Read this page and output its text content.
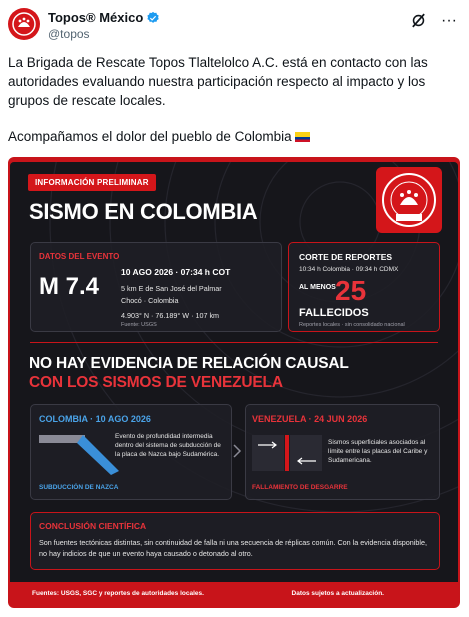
Topos® México
@topos
···

La Brigada de Rescate Topos Tlaltelolco A.C. está en contacto con las autoridades evaluando nuestra participación respecto al impacto y los grupos de rescate locales.

Acompañamos el dolor del pueblo de Colombia

INFORMACIÓN PRELIMINAR
SISMO EN COLOMBIA
DATOS DEL EVENTO
M 7.4
10 AGO 2026 · 07:34 h COT
5 km E de San José del Palmar
Chocó · Colombia
4.903° N · 76.189° W · 107 km
Fuente: USGS
CORTE DE REPORTES
10:34 h Colombia · 09:34 h CDMX
AL MENOS 25
FALLECIDOS
Reportes locales · sin consolidado nacional
NO HAY EVIDENCIA DE RELACIÓN CAUSAL
CON LOS SISMOS DE VENEZUELA
COLOMBIA · 10 AGO 2026
Evento de profundidad intermedia dentro del sistema de subducción de la placa de Nazca bajo Sudamérica.
SUBDUCCIÓN DE NAZCA
VENEZUELA · 24 JUN 2026
Sismos superficiales asociados al límite entre las placas del Caribe y Sudamericana.
FALLAMIENTO DE DESGARRE
CONCLUSIÓN CIENTÍFICA
Son fuentes tectónicas distintas, sin continuidad de falla ni una secuencia de réplicas común. Con la evidencia disponible, no hay indicios de que un evento haya causado o detonado al otro.
Fuentes: USGS, SGC y reportes de autoridades locales.	Datos sujetos a actualización.
